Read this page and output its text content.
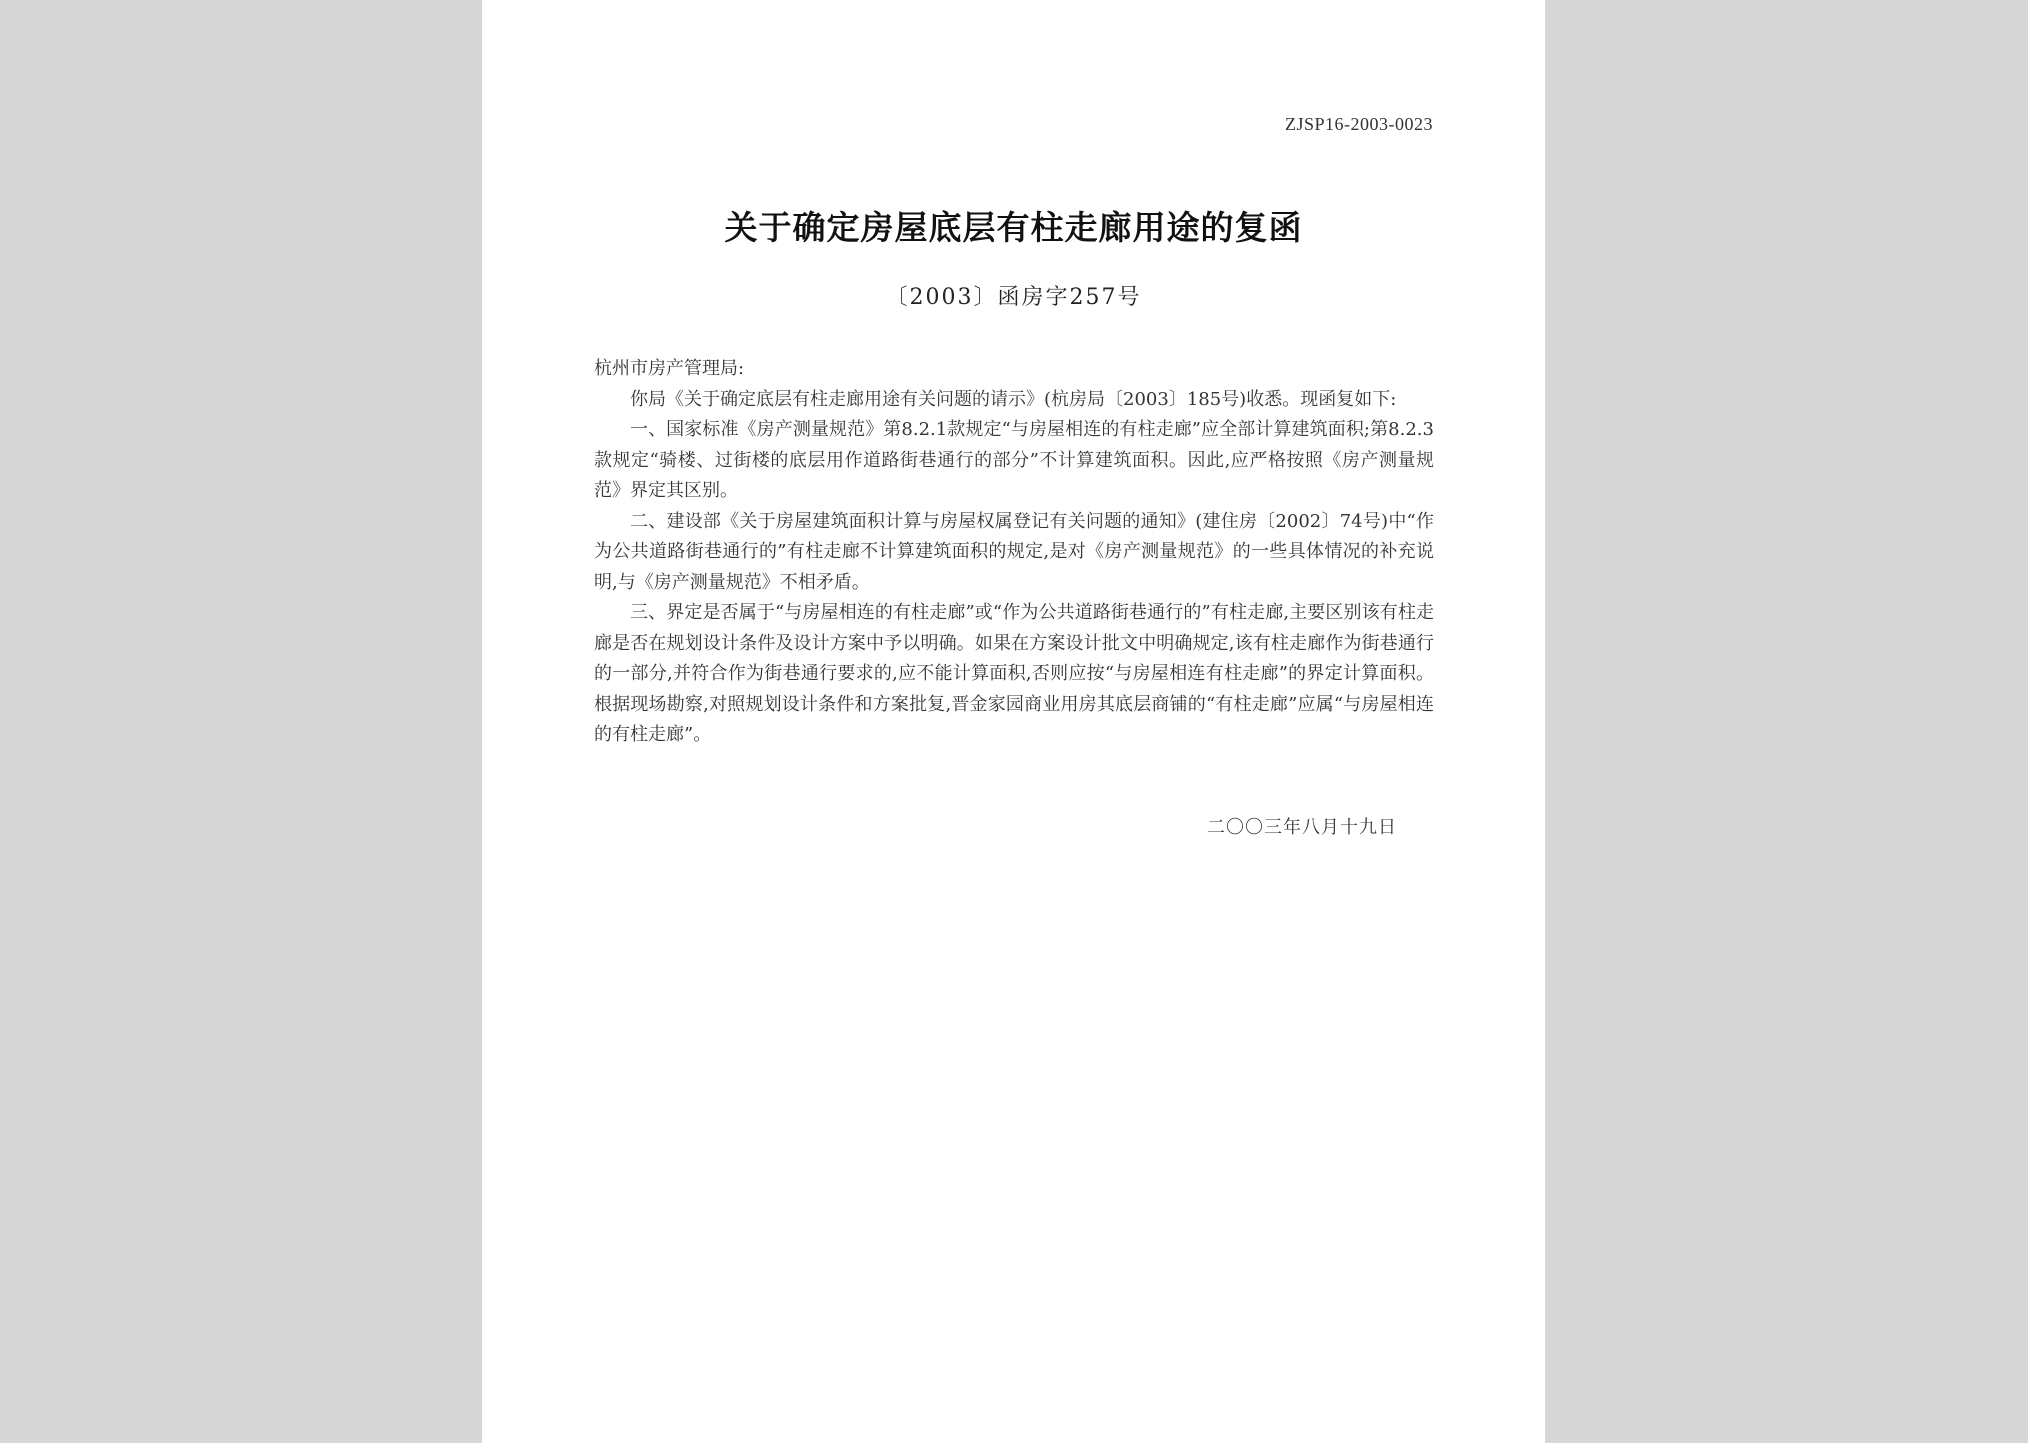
ZJSP16-2003-0023
关于确定房屋底层有柱走廊用途的复函
〔2003〕函房字257号

杭州市房产管理局:

你局《关于确定底层有柱走廊用途有关问题的请示》(杭房局〔2003〕185号)收悉。现函复如下:

一、国家标准《房产测量规范》第8.2.1款规定“与房屋相连的有柱走廊”应全部计算建筑面积;第8.2.3款规定“骑楼、过街楼的底层用作道路街巷通行的部分”不计算建筑面积。因此,应严格按照《房产测量规范》界定其区别。

二、建设部《关于房屋建筑面积计算与房屋权属登记有关问题的通知》(建住房〔2002〕74号)中“作为公共道路街巷通行的”有柱走廊不计算建筑面积的规定,是对《房产测量规范》的一些具体情况的补充说明,与《房产测量规范》不相矛盾。

三、界定是否属于“与房屋相连的有柱走廊”或“作为公共道路街巷通行的”有柱走廊,主要区别该有柱走廊是否在规划设计条件及设计方案中予以明确。如果在方案设计批文中明确规定,该有柱走廊作为街巷通行的一部分,并符合作为街巷通行要求的,应不能计算面积,否则应按“与房屋相连有柱走廊”的界定计算面积。根据现场勘察,对照规划设计条件和方案批复,晋金家园商业用房其底层商铺的“有柱走廊”应属“与房屋相连的有柱走廊”。

二〇〇三年八月十九日
